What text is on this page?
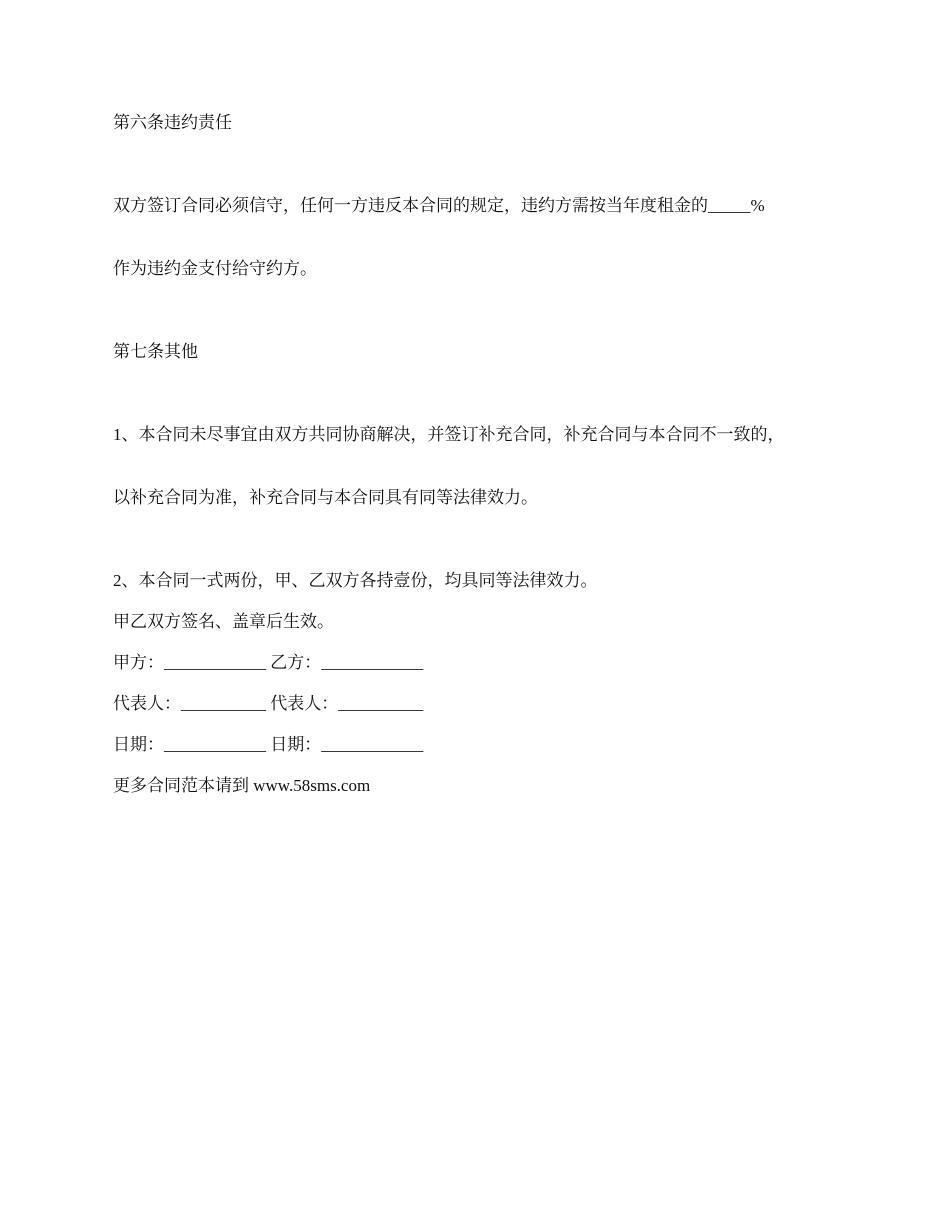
第六条违约责任

双方签订合同必须信守，任何一方违反本合同的规定，违约方需按当年度租金的_____%

作为违约金支付给守约方。

第七条其他

1、本合同未尽事宜由双方共同协商解决，并签订补充合同，补充合同与本合同不一致的，

以补充合同为准，补充合同与本合同具有同等法律效力。

2、本合同一式两份，甲、乙双方各持壹份，均具同等法律效力。

甲乙双方签名、盖章后生效。

甲方：____________ 乙方：____________

代表人：__________ 代表人：__________

日期：____________ 日期：____________

更多合同范本请到 www.58sms.com
